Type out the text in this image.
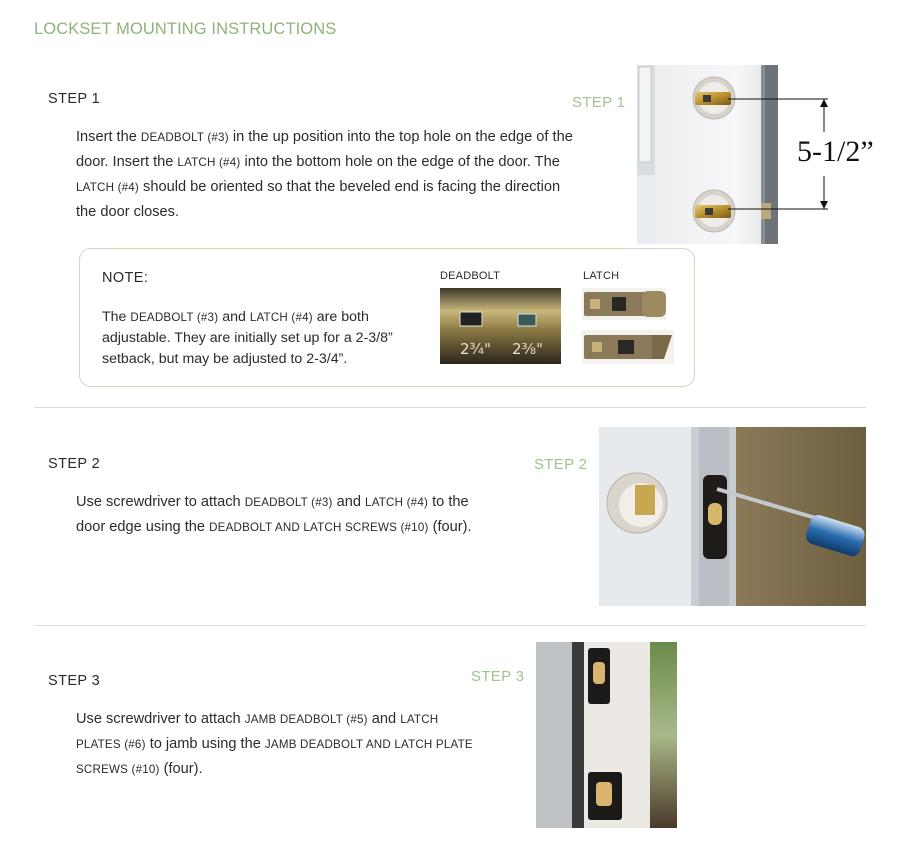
LOCKSET MOUNTING INSTRUCTIONS
STEP 1	STEP 1
Insert the DEADBOLT (#3) in the up position into the top hole on the edge of the door. Insert the LATCH (#4) into the bottom hole on the edge of the door. The LATCH (#4) should be oriented so that the beveled end is facing the direction the door closes.
5-1/2”
NOTE:
The DEADBOLT (#3) and LATCH (#4) are both adjustable. They are initially set up for a 2-3/8” setback, but may be adjusted to 2-3/4”.
DEADBOLT	LATCH
2¾" 2⅜"
STEP 2	STEP 2
Use screwdriver to attach DEADBOLT (#3) and LATCH (#4) to the door edge using the DEADBOLT AND LATCH SCREWS (#10) (four).
STEP 3	STEP 3
Use screwdriver to attach JAMB DEADBOLT (#5) and LATCH PLATES (#6) to jamb using the JAMB DEADBOLT AND LATCH PLATE SCREWS (#10) (four).
